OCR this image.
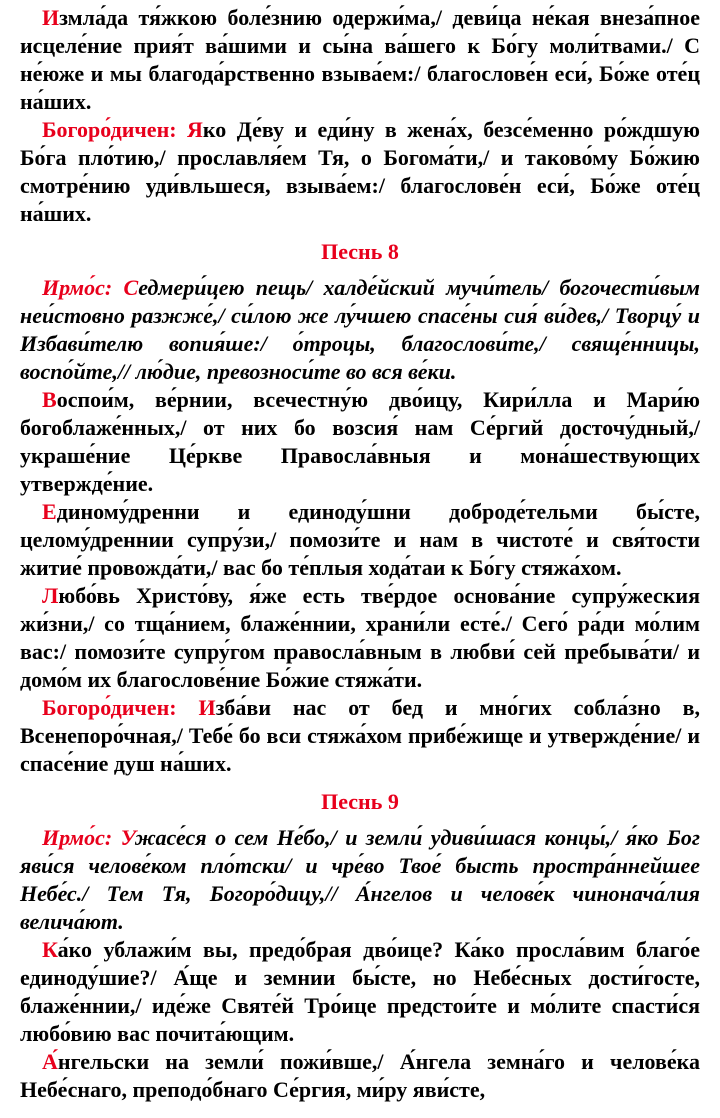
Измла́да тя́жкою боле́знию одержи́ма,/ деви́ца не́кая внеза́пное исцеле́ние прия́т ва́шими и сы́на ва́шего к Бо́гу моли́твами./ С не́юже и мы благода́рственно взыва́ем:/ благослове́н еси́, Бо́же оте́ц на́ших.

Богоро́дичен: Яко Де́ву и еди́ну в жена́х, безсе́менно ро́ждшую Бо́га пло́тию,/ прославля́ем Тя, о Богома́ти,/ и таково́му Бо́жию смотре́нию уди́вльшеся, взыва́ем:/ благослове́н еси́, Бо́же оте́ц на́ших.

Песнь 8

Ирмо́с: Седмери́цею пещь/ халде́йский мучи́тель/ богочести́вым неи́стовно разжже́,/ си́лою же лу́чшею спасе́ны сия́ ви́дев,/ Творцу́ и Избави́телю вопия́ше:/ о́троцы, благослови́те,/ свяще́нницы, воспо́йте,// лю́дие, превозноси́те во вся ве́ки.

Воспои́м, ве́рнии, всечестну́ю дво́ицу, Кири́лла и Мари́ю богоблаже́нных,/ от них бо возсия́ нам Се́ргий досточу́дный,/ украше́ние Це́ркве Правосла́вныя и мона́шествующих утвержде́ние.

Единому́дренни и единоду́шни доброде́тельми бы́сте, целому́дреннии супру́зи,/ помози́те и нам в чистоте́ и свя́тости житие́ провожда́ти,/ вас бо те́плыя хода́таи к Бо́гу стяжа́хом.

Любо́вь Христо́ву, я́же есть тве́рдое основа́ние супру́жеския жи́зни,/ со тща́нием, блаже́ннии, храни́ли есте́./ Сего́ ра́ди мо́лим вас:/ помози́те супру́гом правосла́вным в любви́ сей пребыва́ти/ и домо́м их благослове́ние Бо́жие стяжа́ти.

Богоро́дичен: Изба́ви нас от бед и мно́гих собла́зно в, Всенепоро́чная,/ Тебе́ бо вси стяжа́хом прибе́жище и утвержде́ние/ и спасе́ние душ на́ших.

Песнь 9

Ирмо́с: Ужасе́ся о сем Не́бо,/ и земли́ удиви́шася концы́,/ я́ко Бог яви́ся челове́ком пло́тски/ и чре́во Твое́ бысть простра́ннейшее Небе́с./ Тем Тя, Богоро́дицу,// А́нгелов и челове́к чинонача́лия велича́ют.

Ка́ко ублажи́м вы, предо́брая дво́ице? Ка́ко просла́вим благо́е единоду́шие?/ А́ще и земнии бы́сте, но Небе́сных дости́госте, блаже́ннии,/ иде́же Святе́й Тро́ице предстои́те и мо́лите спасти́ся любо́вию вас почита́ющим.

А́нгельски на земли́ пожи́вше,/ А́нгела земна́го и челове́ка Небе́снаго, преподо́бнаго Се́ргия, ми́ру яви́сте,
